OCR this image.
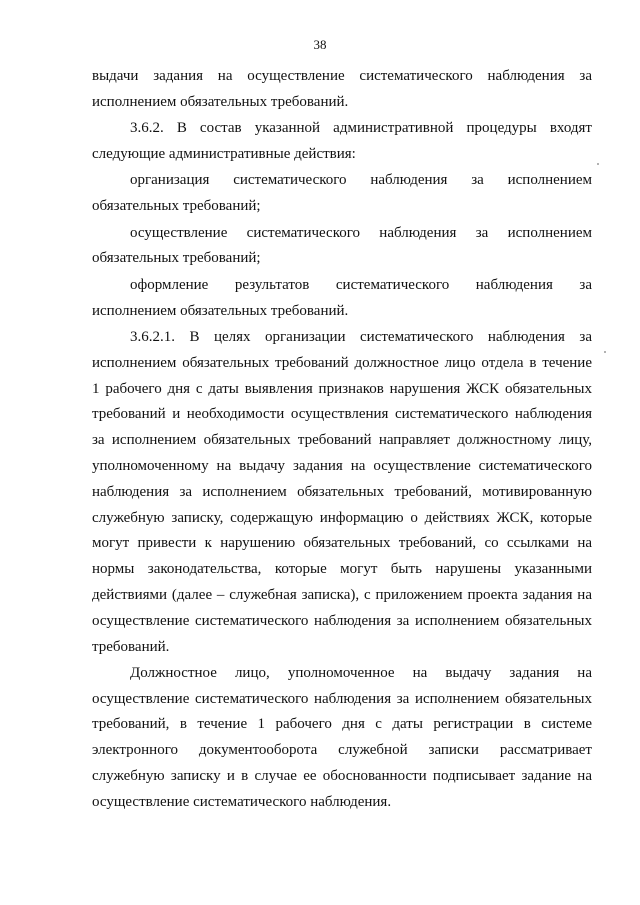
38
выдачи задания на осуществление систематического наблюдения за
исполнением обязательных требований.
3.6.2. В состав указанной административной процедуры входят
следующие административные действия:
организация систематического наблюдения за исполнением
обязательных требований;
осуществление систематического наблюдения за исполнением
обязательных требований;
оформление результатов систематического наблюдения за
исполнением обязательных требований.
3.6.2.1. В целях организации систематического наблюдения за
исполнением обязательных требований должностное лицо отдела в течение
1 рабочего дня с даты выявления признаков нарушения ЖСК обязательных
требований и необходимости осуществления систематического наблюдения
за исполнением обязательных требований направляет должностному лицу,
уполномоченному на выдачу задания на осуществление систематического
наблюдения за исполнением обязательных требований, мотивированную
служебную записку, содержащую информацию о действиях ЖСК, которые
могут привести к нарушению обязательных требований, со ссылками на
нормы законодательства, которые могут быть нарушены указанными
действиями (далее – служебная записка), с приложением проекта задания на
осуществление систематического наблюдения за исполнением обязательных
требований.
Должностное лицо, уполномоченное на выдачу задания на
осуществление систематического наблюдения за исполнением обязательных
требований, в течение 1 рабочего дня с даты регистрации в системе
электронного документооборота служебной записки рассматривает
служебную записку и в случае ее обоснованности подписывает задание на
осуществление систематического наблюдения.
